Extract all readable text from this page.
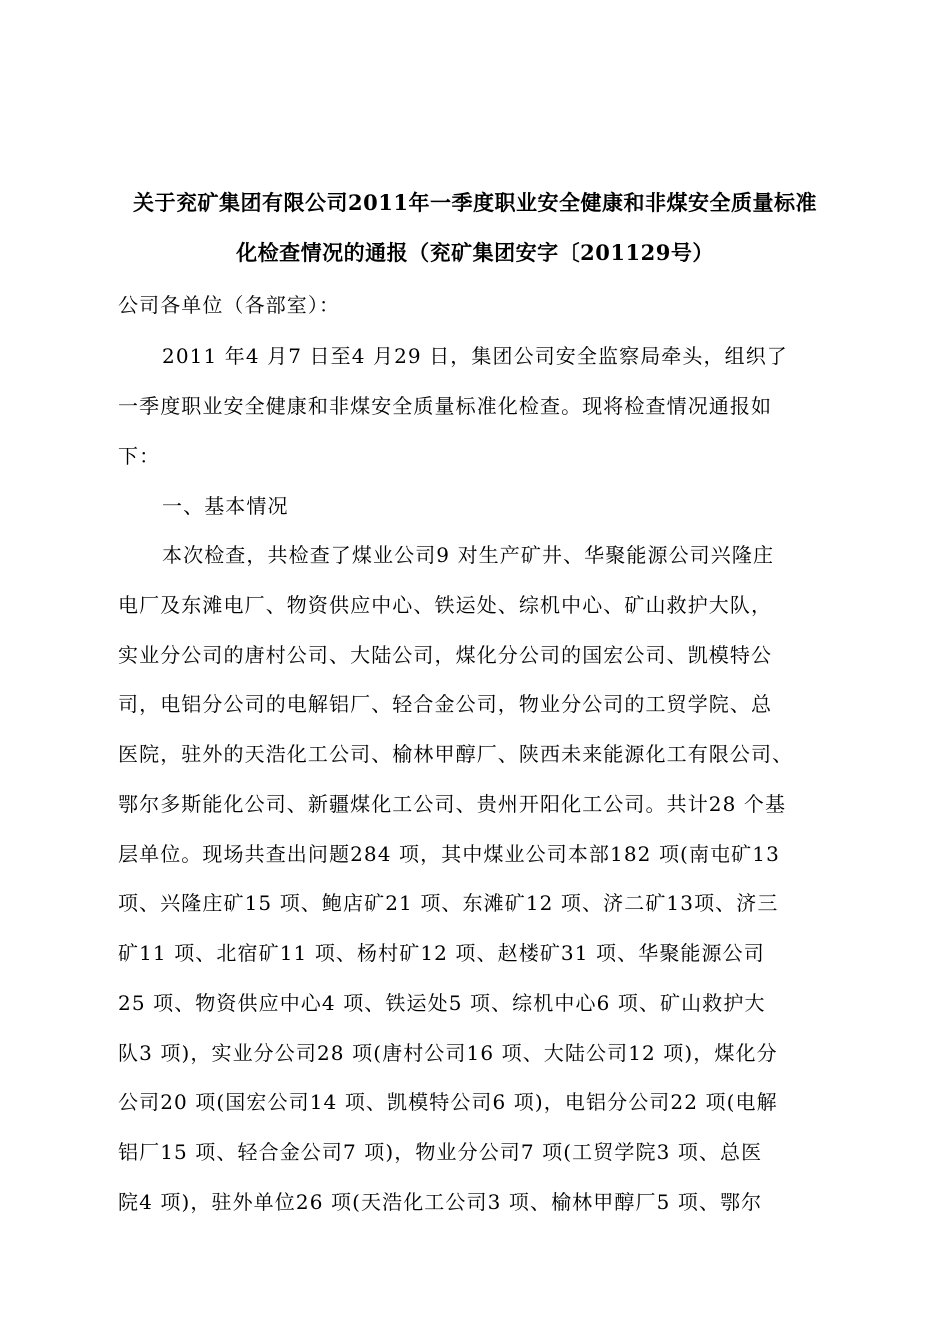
关于兖矿集团有限公司2011年一季度职业安全健康和非煤安全质量标准
化检查情况的通报（兖矿集团安字〔201129号）
公司各单位（各部室）：
2011 年4 月7 日至4 月29 日，集团公司安全监察局牵头，组织了
一季度职业安全健康和非煤安全质量标准化检查。现将检查情况通报如
下：
一、基本情况
本次检查，共检查了煤业公司9 对生产矿井、华聚能源公司兴隆庄
电厂及东滩电厂、物资供应中心、铁运处、综机中心、矿山救护大队，
实业分公司的唐村公司、大陆公司，煤化分公司的国宏公司、凯模特公
司，电铝分公司的电解铝厂、轻合金公司，物业分公司的工贸学院、总
医院，驻外的天浩化工公司、榆林甲醇厂、陕西未来能源化工有限公司、
鄂尔多斯能化公司、新疆煤化工公司、贵州开阳化工公司。共计28 个基
层单位。现场共查出问题284 项，其中煤业公司本部182 项(南屯矿13
项、兴隆庄矿15 项、鲍店矿21 项、东滩矿12 项、济二矿13项、济三
矿11 项、北宿矿11 项、杨村矿12 项、赵楼矿31 项、华聚能源公司
25 项、物资供应中心4 项、铁运处5 项、综机中心6 项、矿山救护大
队3 项)，实业分公司28 项(唐村公司16 项、大陆公司12 项)，煤化分
公司20 项(国宏公司14 项、凯模特公司6 项)，电铝分公司22 项(电解
铝厂15 项、轻合金公司7 项)，物业分公司7 项(工贸学院3 项、总医
院4 项)，驻外单位26 项(天浩化工公司3 项、榆林甲醇厂5 项、鄂尔
